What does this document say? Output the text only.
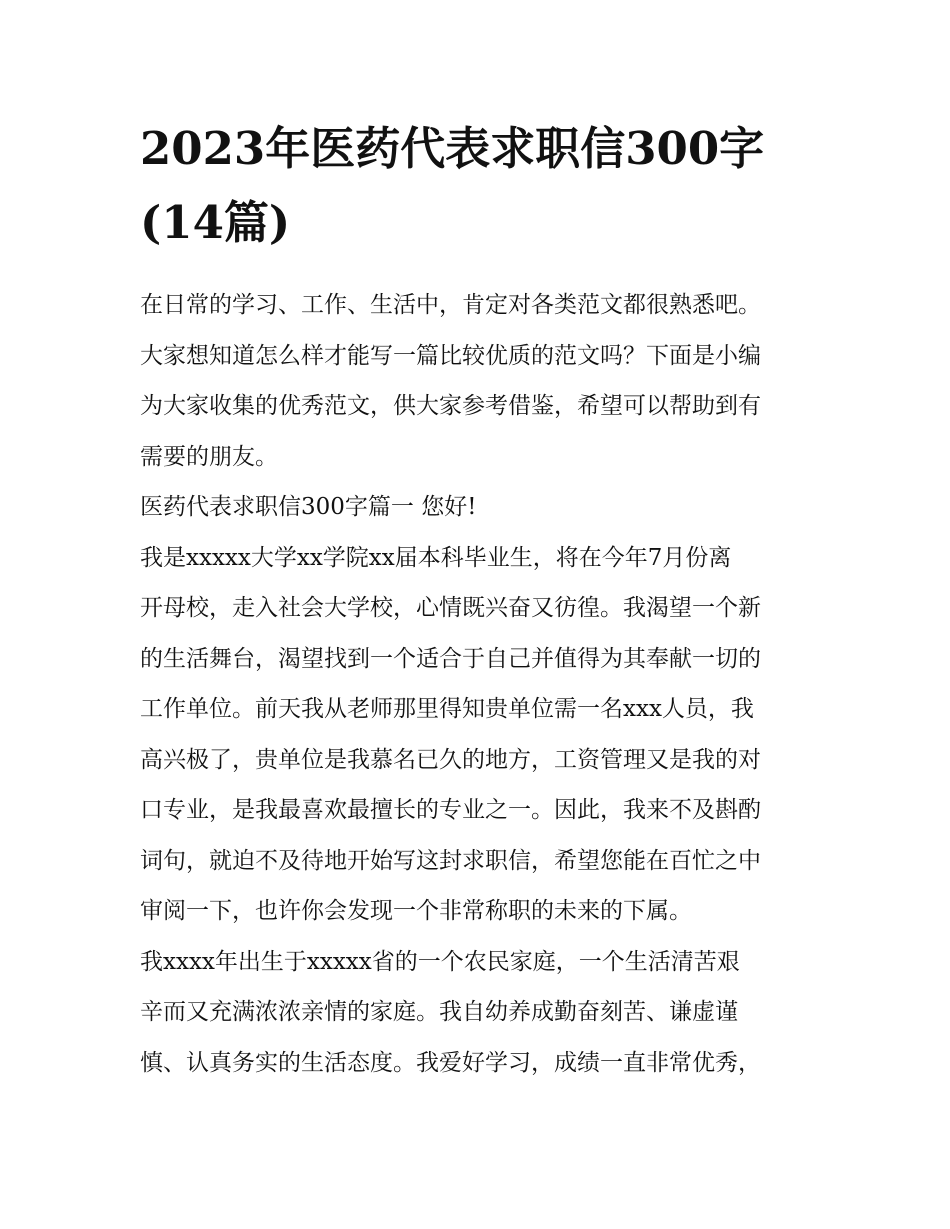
2023年医药代表求职信300字
(14篇)
在日常的学习、工作、生活中，肯定对各类范文都很熟悉吧。
大家想知道怎么样才能写一篇比较优质的范文吗？下面是小编
为大家收集的优秀范文，供大家参考借鉴，希望可以帮助到有
需要的朋友。
医药代表求职信300字篇一 您好!
我是xxxxx大学xx学院xx届本科毕业生，将在今年7月份离
开母校，走入社会大学校，心情既兴奋又彷徨。我渴望一个新
的生活舞台，渴望找到一个适合于自己并值得为其奉献一切的
工作单位。前天我从老师那里得知贵单位需一名xxx人员，我
高兴极了，贵单位是我慕名已久的地方，工资管理又是我的对
口专业，是我最喜欢最擅长的专业之一。因此，我来不及斟酌
词句，就迫不及待地开始写这封求职信，希望您能在百忙之中
审阅一下，也许你会发现一个非常称职的未来的下属。
我xxxx年出生于xxxxx省的一个农民家庭，一个生活清苦艰
辛而又充满浓浓亲情的家庭。我自幼养成勤奋刻苦、谦虚谨
慎、认真务实的生活态度。我爱好学习，成绩一直非常优秀，
